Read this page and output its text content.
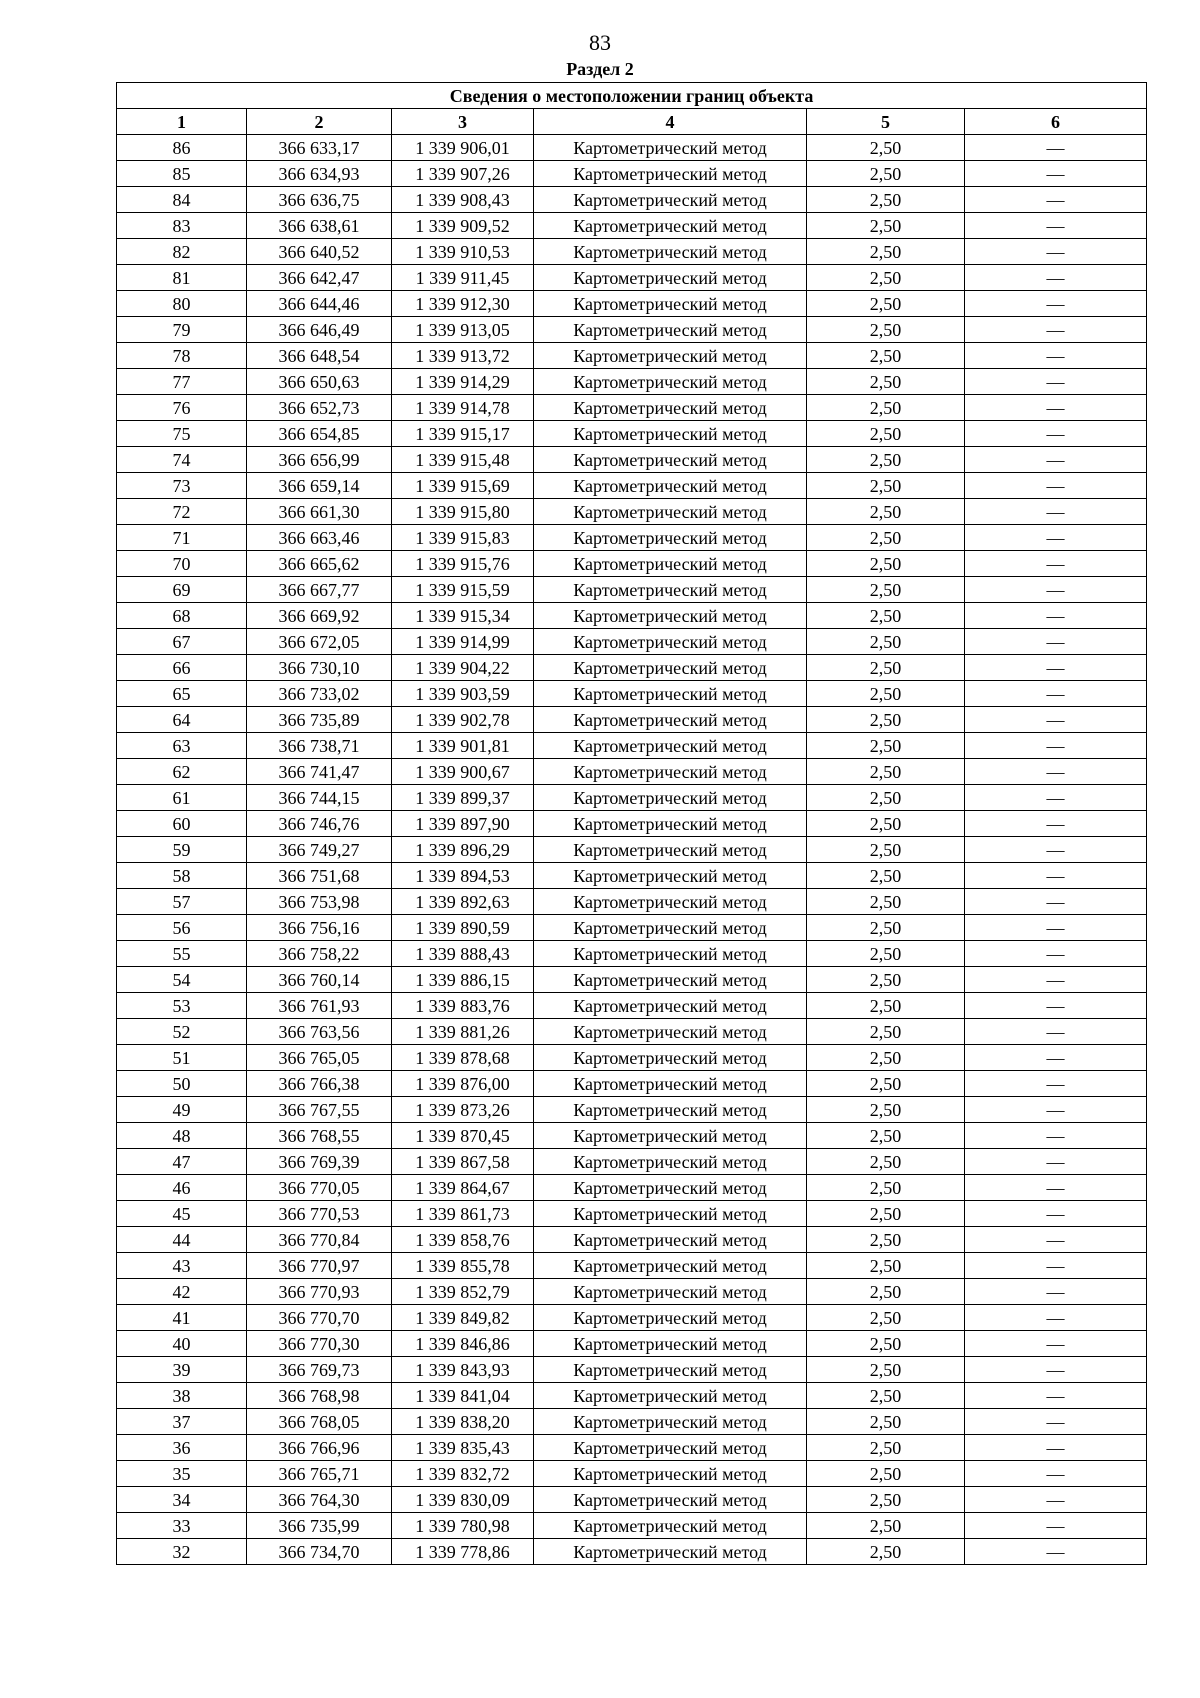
83
Раздел 2
Сведения о местоположении границ объекта					
1	2	3	4	5	6
86	366 633,17	1 339 906,01	Картометрический метод	2,50	—
85	366 634,93	1 339 907,26	Картометрический метод	2,50	—
84	366 636,75	1 339 908,43	Картометрический метод	2,50	—
83	366 638,61	1 339 909,52	Картометрический метод	2,50	—
82	366 640,52	1 339 910,53	Картометрический метод	2,50	—
81	366 642,47	1 339 911,45	Картометрический метод	2,50	—
80	366 644,46	1 339 912,30	Картометрический метод	2,50	—
79	366 646,49	1 339 913,05	Картометрический метод	2,50	—
78	366 648,54	1 339 913,72	Картометрический метод	2,50	—
77	366 650,63	1 339 914,29	Картометрический метод	2,50	—
76	366 652,73	1 339 914,78	Картометрический метод	2,50	—
75	366 654,85	1 339 915,17	Картометрический метод	2,50	—
74	366 656,99	1 339 915,48	Картометрический метод	2,50	—
73	366 659,14	1 339 915,69	Картометрический метод	2,50	—
72	366 661,30	1 339 915,80	Картометрический метод	2,50	—
71	366 663,46	1 339 915,83	Картометрический метод	2,50	—
70	366 665,62	1 339 915,76	Картометрический метод	2,50	—
69	366 667,77	1 339 915,59	Картометрический метод	2,50	—
68	366 669,92	1 339 915,34	Картометрический метод	2,50	—
67	366 672,05	1 339 914,99	Картометрический метод	2,50	—
66	366 730,10	1 339 904,22	Картометрический метод	2,50	—
65	366 733,02	1 339 903,59	Картометрический метод	2,50	—
64	366 735,89	1 339 902,78	Картометрический метод	2,50	—
63	366 738,71	1 339 901,81	Картометрический метод	2,50	—
62	366 741,47	1 339 900,67	Картометрический метод	2,50	—
61	366 744,15	1 339 899,37	Картометрический метод	2,50	—
60	366 746,76	1 339 897,90	Картометрический метод	2,50	—
59	366 749,27	1 339 896,29	Картометрический метод	2,50	—
58	366 751,68	1 339 894,53	Картометрический метод	2,50	—
57	366 753,98	1 339 892,63	Картометрический метод	2,50	—
56	366 756,16	1 339 890,59	Картометрический метод	2,50	—
55	366 758,22	1 339 888,43	Картометрический метод	2,50	—
54	366 760,14	1 339 886,15	Картометрический метод	2,50	—
53	366 761,93	1 339 883,76	Картометрический метод	2,50	—
52	366 763,56	1 339 881,26	Картометрический метод	2,50	—
51	366 765,05	1 339 878,68	Картометрический метод	2,50	—
50	366 766,38	1 339 876,00	Картометрический метод	2,50	—
49	366 767,55	1 339 873,26	Картометрический метод	2,50	—
48	366 768,55	1 339 870,45	Картометрический метод	2,50	—
47	366 769,39	1 339 867,58	Картометрический метод	2,50	—
46	366 770,05	1 339 864,67	Картометрический метод	2,50	—
45	366 770,53	1 339 861,73	Картометрический метод	2,50	—
44	366 770,84	1 339 858,76	Картометрический метод	2,50	—
43	366 770,97	1 339 855,78	Картометрический метод	2,50	—
42	366 770,93	1 339 852,79	Картометрический метод	2,50	—
41	366 770,70	1 339 849,82	Картометрический метод	2,50	—
40	366 770,30	1 339 846,86	Картометрический метод	2,50	—
39	366 769,73	1 339 843,93	Картометрический метод	2,50	—
38	366 768,98	1 339 841,04	Картометрический метод	2,50	—
37	366 768,05	1 339 838,20	Картометрический метод	2,50	—
36	366 766,96	1 339 835,43	Картометрический метод	2,50	—
35	366 765,71	1 339 832,72	Картометрический метод	2,50	—
34	366 764,30	1 339 830,09	Картометрический метод	2,50	—
33	366 735,99	1 339 780,98	Картометрический метод	2,50	—
32	366 734,70	1 339 778,86	Картометрический метод	2,50	—
